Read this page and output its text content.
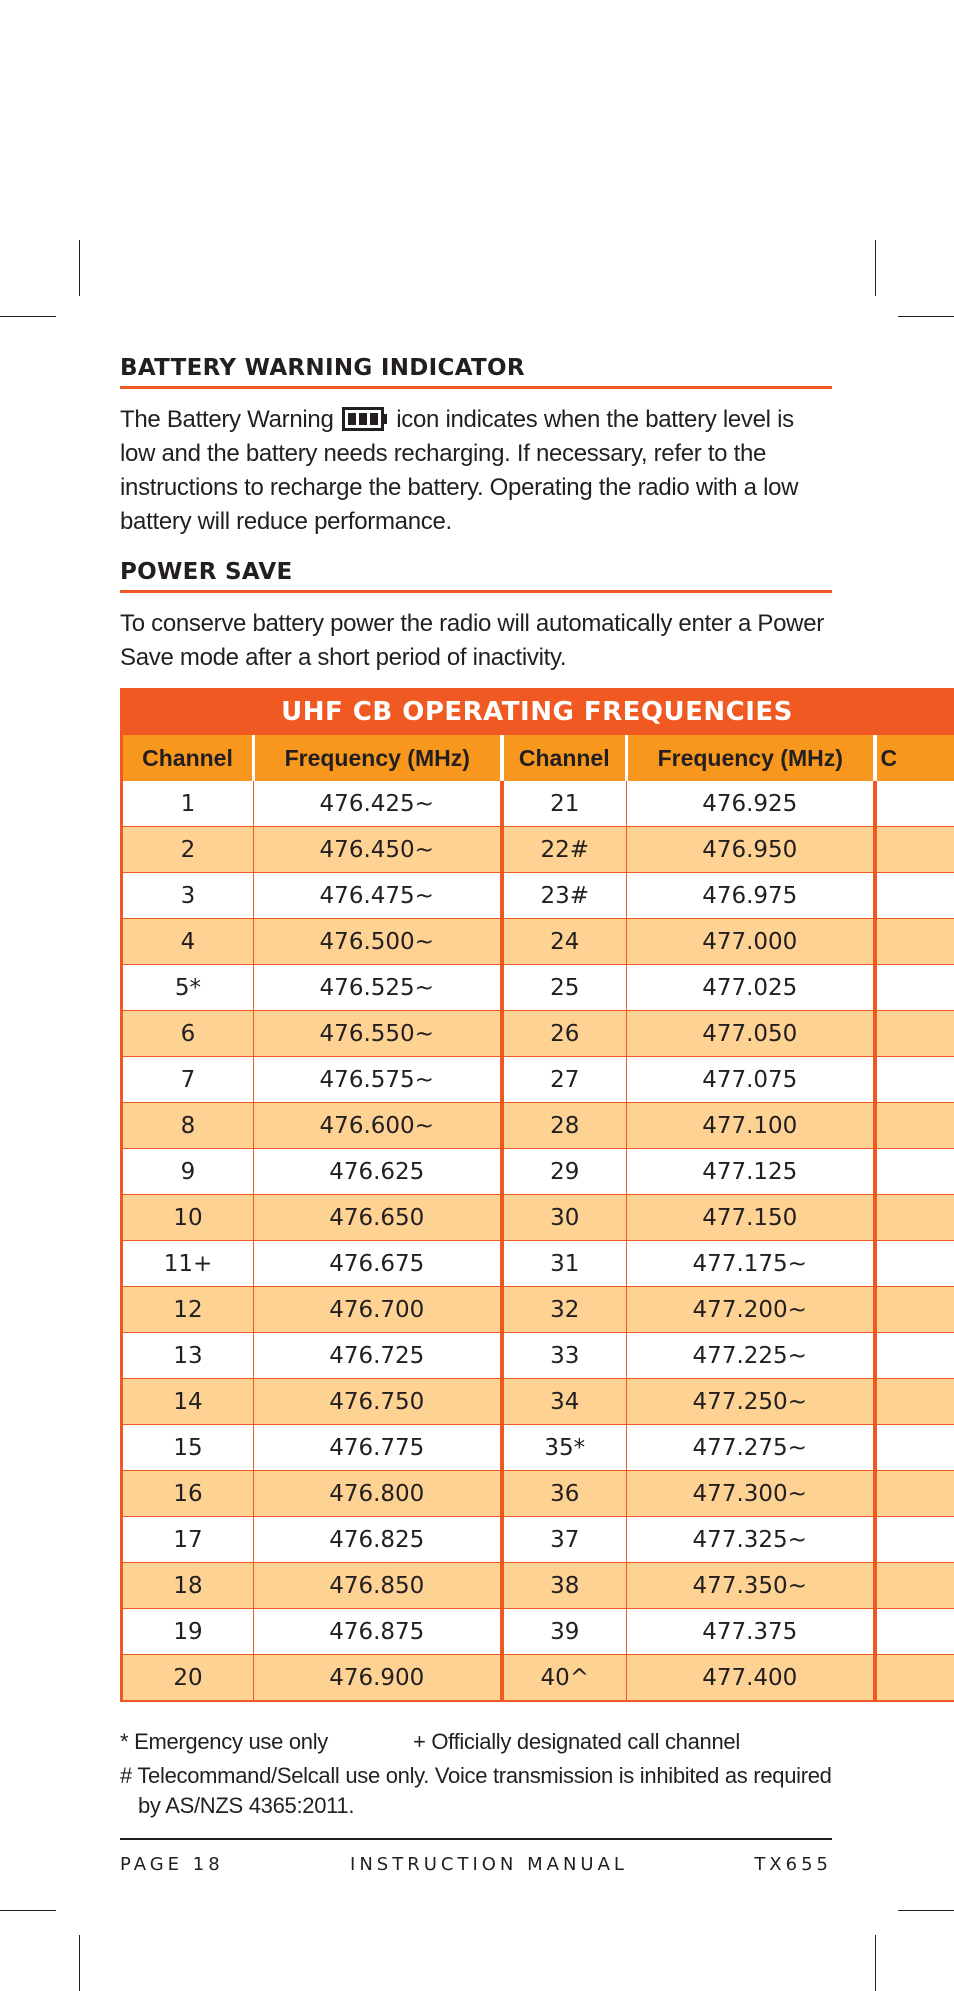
BATTERY WARNING INDICATOR

The Battery Warning	icon indicates when the battery level is low and the battery needs recharging. If necessary, refer to the instructions to recharge the battery. Operating the radio with a low battery will reduce performance.

POWER SAVE

To conserve battery power the radio will automatically enter a Power Save mode after a short period of inactivity.

UHF CB OPERATING FREQUENCIES
Channel	Frequency (MHz)	Channel	Frequency (MHz)	C
1	476.425~	21	476.925	
2	476.450~	22#	476.950	
3	476.475~	23#	476.975	
4	476.500~	24	477.000	
5*	476.525~	25	477.025	
6	476.550~	26	477.050	
7	476.575~	27	477.075	
8	476.600~	28	477.100	
9	476.625	29	477.125	
10	476.650	30	477.150	
11+	476.675	31	477.175~	
12	476.700	32	477.200~	
13	476.725	33	477.225~	
14	476.750	34	477.250~	
15	476.775	35*	477.275~	
16	476.800	36	477.300~	
17	476.825	37	477.325~	
18	476.850	38	477.350~	
19	476.875	39	477.375	
20	476.900	40^	477.400	
* Emergency use only	+ Officially designated call channel
# Telecommand/Selcall use only. Voice transmission is inhibited as required by AS/NZS 4365:2011.
PAGE 18	INSTRUCTION MANUAL	TX655
